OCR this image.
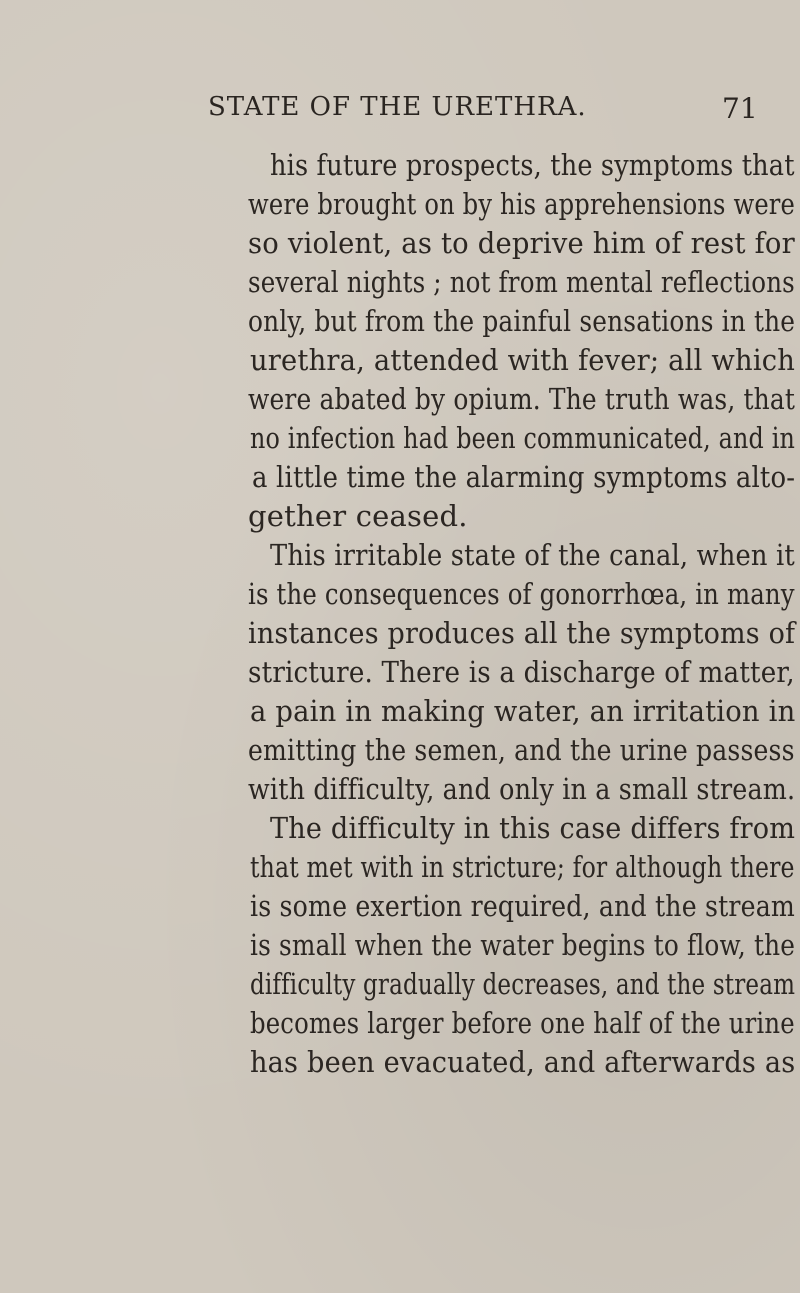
STATE OF THE URETHRA.	71
his future prospects, the symptoms that
were brought on by his apprehensions were
so violent, as to deprive him of rest for
several nights ; not from mental reflections
only, but from the painful sensations in the
urethra, attended with fever; all which
were abated by opium. The truth was, that
no infection had been communicated, and in
a little time the alarming symptoms alto-
gether ceased.
This irritable state of the canal, when it
is the consequences of gonorrhœa, in many
instances produces all the symptoms of
stricture. There is a discharge of matter,
a pain in making water, an irritation in
emitting the semen, and the urine passess
with difficulty, and only in a small stream.
The difficulty in this case differs from
that met with in stricture; for although there
is some exertion required, and the stream
is small when the water begins to flow, the
difficulty gradually decreases, and the stream
becomes larger before one half of the urine
has been evacuated, and afterwards as
